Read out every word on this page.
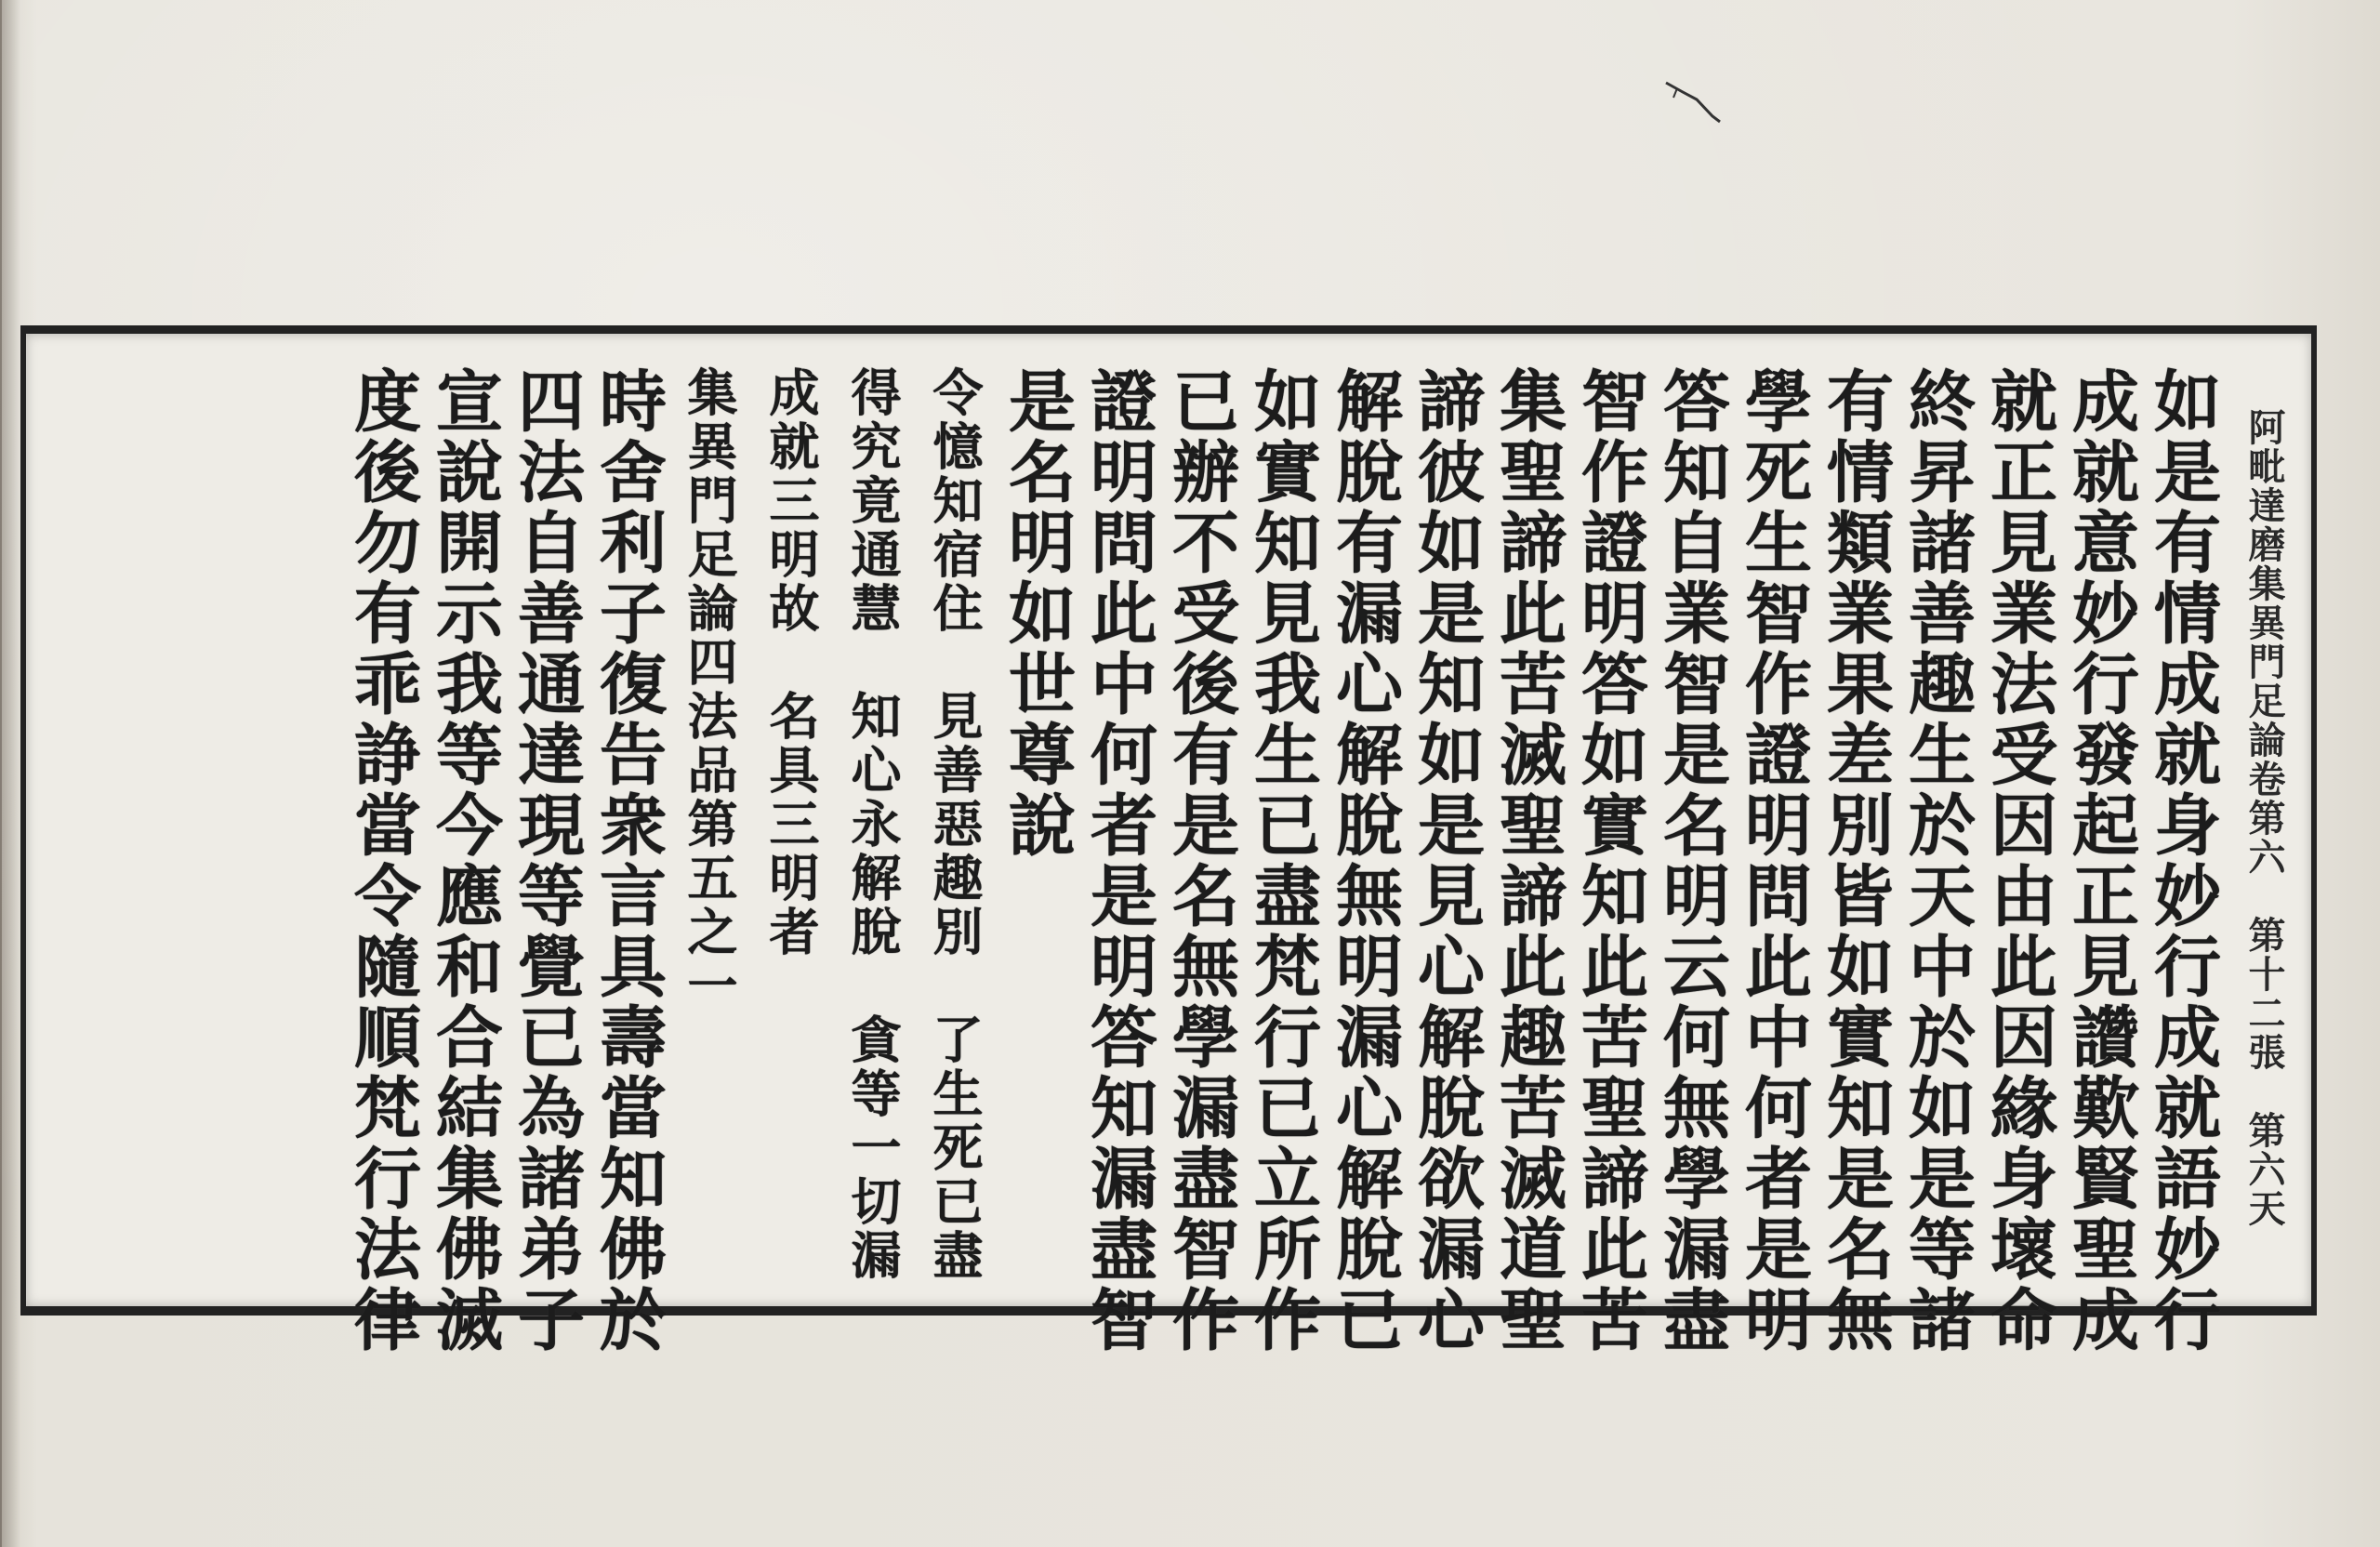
阿毗達磨集異門足論卷第六　第十二張　第六天
如是有情成就身妙行成就語妙行
成就意妙行發起正見讚歎賢聖成
就正見業法受因由此因緣身壞命
終昇諸善趣生於天中於如是等諸
有情類業果差別皆如實知是名無
學死生智作證明問此中何者是明
答知自業智是名明云何無學漏盡
智作證明答如實知此苦聖諦此苦
集聖諦此苦滅聖諦此趣苦滅道聖
諦彼如是知如是見心解脫欲漏心
解脫有漏心解脫無明漏心解脫已
如實知見我生已盡梵行已立所作
已辦不受後有是名無學漏盡智作
證明問此中何者是明答知漏盡智
是名明如世尊說
令憶知宿住　見善惡趣別　了生死已盡
得究竟通慧　知心永解脫　貪等一切漏
成就三明故　名具三明者
集異門足論四法品第五之一
時舍利子復告衆言具壽當知佛於
四法自善通達現等覺已為諸弟子
宣說開示我等今應和合結集佛滅
度後勿有乖諍當令隨順梵行法律
